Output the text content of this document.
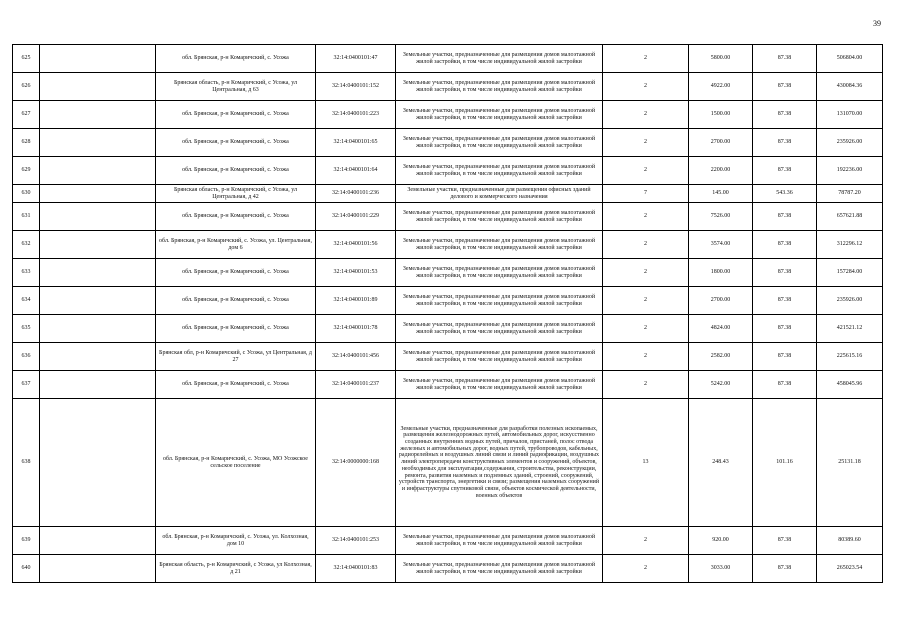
39
625		обл. Брянская, р-н Комаричский, с. Усожа	32:14:0400101:47	Земельные участки, предназначенные для размещения домов малоэтажной жилой застройки, в том числе индивидуальной жилой застройки	2	5800.00	87.38	506804.00
626		Брянская область, р-н Комаричский, с Усожа, ул Центральная, д 63	32:14:0400101:152	Земельные участки, предназначенные для размещения домов малоэтажной жилой застройки, в том числе индивидуальной жилой застройки	2	4922.00	87.38	430084.36
627		обл. Брянская, р-н Комаричский, с. Усожа	32:14:0400101:223	Земельные участки, предназначенные для размещения домов малоэтажной жилой застройки, в том числе индивидуальной жилой застройки	2	1500.00	87.38	131070.00
628		обл. Брянская, р-н Комаричский, с. Усожа	32:14:0400101:65	Земельные участки, предназначенные для размещения домов малоэтажной жилой застройки, в том числе индивидуальной жилой застройки	2	2700.00	87.38	235926.00
629		обл. Брянская, р-н Комаричский, с. Усожа	32:14:0400101:64	Земельные участки, предназначенные для размещения домов малоэтажной жилой застройки, в том числе индивидуальной жилой застройки	2	2200.00	87.38	192236.00
630		Брянская область, р-н Комаричский, с Усожа, ул Центральная, д 42	32:14:0400101:236	Земельные участки, предназначенные для размещения офисных зданий делового и коммерческого назначения	7	145.00	543.36	78787.20
631		обл. Брянская, р-н Комаричский, с. Усожа	32:14:0400101:229	Земельные участки, предназначенные для размещения домов малоэтажной жилой застройки, в том числе индивидуальной жилой застройки	2	7526.00	87.38	657621.88
632		обл. Брянская, р-н Комаричский, с. Усожа, ул. Центральная, дом 6	32:14:0400101:56	Земельные участки, предназначенные для размещения домов малоэтажной жилой застройки, в том числе индивидуальной жилой застройки	2	3574.00	87.38	312296.12
633		обл. Брянская, р-н Комаричский, с. Усожа	32:14:0400101:53	Земельные участки, предназначенные для размещения домов малоэтажной жилой застройки, в том числе индивидуальной жилой застройки	2	1800.00	87.38	157284.00
634		обл. Брянская, р-н Комаричский, с. Усожа	32:14:0400101:89	Земельные участки, предназначенные для размещения домов малоэтажной жилой застройки, в том числе индивидуальной жилой застройки	2	2700.00	87.38	235926.00
635		обл. Брянская, р-н Комаричский, с. Усожа	32:14:0400101:78	Земельные участки, предназначенные для размещения домов малоэтажной жилой застройки, в том числе индивидуальной жилой застройки	2	4824.00	87.38	421521.12
636		Брянская обл, р-н Комаричский, с Усожа, ул Центральная, д 27	32:14:0400101:456	Земельные участки, предназначенные для размещения домов малоэтажной жилой застройки, в том числе индивидуальной жилой застройки	2	2582.00	87.38	225615.16
637		обл. Брянская, р-н Комаричский, с. Усожа	32:14:0400101:237	Земельные участки, предназначенные для размещения домов малоэтажной жилой застройки, в том числе индивидуальной жилой застройки	2	5242.00	87.38	458045.96
638		обл. Брянская, р-н Комаричский, с. Усожа, МО Усожское сельское поселение	32:14:0000000:168	Земельные участки, предназначенные для разработки полезных ископаемых, размещения железнодорожных путей, автомобильных дорог, искусственно созданных внутренних водных путей, причалов, пристаней, полос отвода железных и автомобильных дорог, водных путей, трубопроводов, кабельных, радиорелейных и воздушных линий связи и линий радиофикации, воздушных линий электропередачи конструктивных элементов и сооружений, объектов, необходимых для эксплуатации,содержания, строительства, реконструкции, ремонта, развития наземных и подземных зданий, строений, сооружений, устройств транспорта, энергетики и связи; размещения наземных сооружений и инфраструктуры спутниковой связи, объектов космической деятельности, военных объектов	13	248.43	101.16	25131.18
639		обл. Брянская, р-н Комаричский, с. Усожа, ул. Колхозная, дом 10	32:14:0400101:253	Земельные участки, предназначенные для размещения домов малоэтажной жилой застройки, в том числе индивидуальной жилой застройки	2	920.00	87.38	80389.60
640		Брянская область, р-н Комаричский, с Усожа, ул Колхозная, д 21	32:14:0400101:83	Земельные участки, предназначенные для размещения домов малоэтажной жилой застройки, в том числе индивидуальной жилой застройки	2	3033.00	87.38	265023.54
